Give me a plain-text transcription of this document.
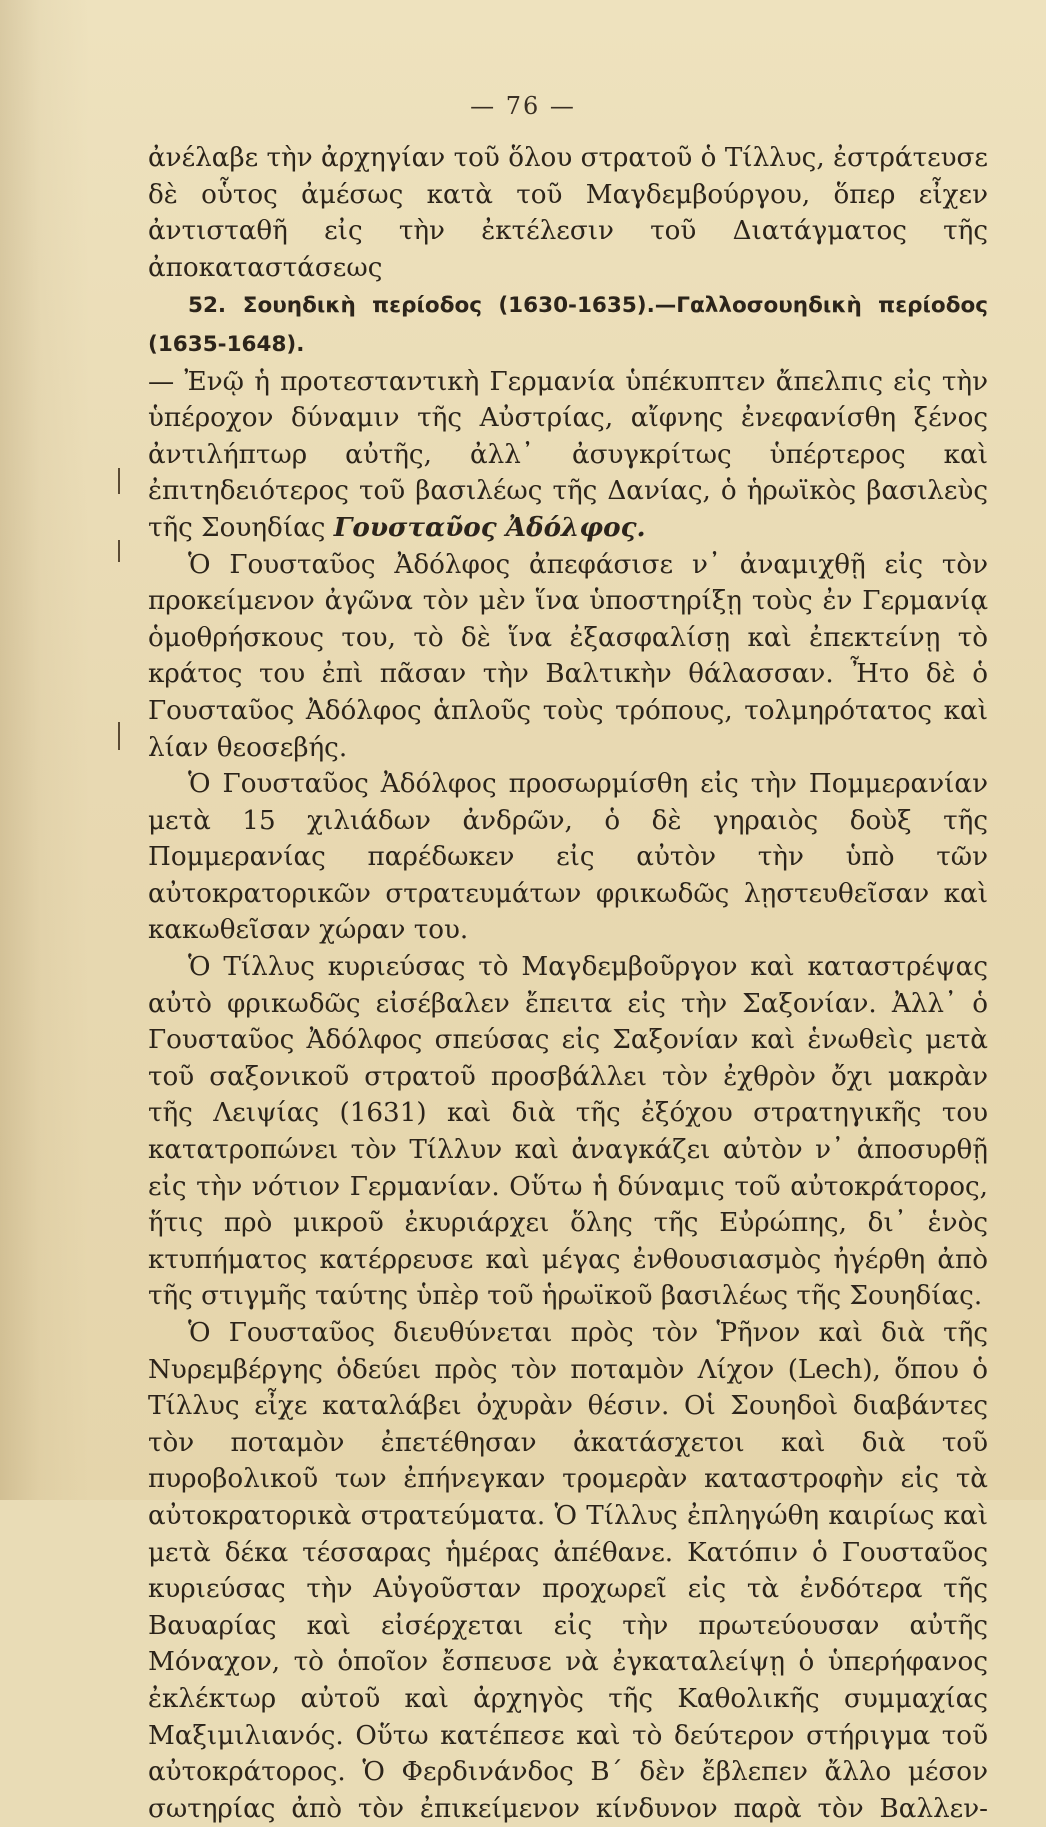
— 76 —

ἀνέλαβε τὴν ἀρχηγίαν τοῦ ὅλου στρατοῦ ὁ Τίλλυς, ἐστράτευσε δὲ οὗτος ἀμέσως κατὰ τοῦ Μαγδεμβούργου, ὅπερ εἶχεν ἀντισταθῆ εἰς τὴν ἐκτέλεσιν τοῦ Διατάγματος τῆς ἀποκαταστάσεως

52. Σουηδικὴ περίοδος (1630-1635).—Γαλλοσουηδικὴ περίοδος (1635-1648).

— Ἐνῷ ἡ προτεσταντικὴ Γερμανία ὑπέκυπτεν ἄπελπις εἰς τὴν ὑπέροχον δύναμιν τῆς Αὐστρίας, αἴφνης ἐνεφανίσθη ξένος ἀντιλήπτωρ αὐτῆς, ἀλλ᾿ ἀσυγκρίτως ὑπέρτερος καὶ ἐπιτηδειότερος τοῦ βασιλέως τῆς Δανίας, ὁ ἡρωϊκὸς βασιλεὺς τῆς Σουηδίας Γουσταῦος Ἀδόλφος.

Ὁ Γουσταῦος Ἀδόλφος ἀπεφάσισε ν᾿ ἀναμιχθῇ εἰς τὸν προκείμενον ἀγῶνα τὸν μὲν ἵνα ὑποστηρίξῃ τοὺς ἐν Γερμανίᾳ ὁμοθρήσκους του, τὸ δὲ ἵνα ἐξασφαλίσῃ καὶ ἐπεκτείνῃ τὸ κράτος του ἐπὶ πᾶσαν τὴν Βαλτικὴν θάλασσαν. Ἦτο δὲ ὁ Γουσταῦος Ἀδόλφος ἁπλοῦς τοὺς τρόπους, τολμηρότατος καὶ λίαν θεοσεβής.

Ὁ Γουσταῦος Ἀδόλφος προσωρμίσθη εἰς τὴν Πομμερανίαν μετὰ 15 χιλιάδων ἀνδρῶν, ὁ δὲ γηραιὸς δοὺξ τῆς Πομμερανίας παρέδωκεν εἰς αὐτὸν τὴν ὑπὸ τῶν αὐτοκρατορικῶν στρατευμάτων φρικωδῶς λῃστευθεῖσαν καὶ κακωθεῖσαν χώραν του.

Ὁ Τίλλυς κυριεύσας τὸ Μαγδεμβοῦργον καὶ καταστρέψας αὐτὸ φρικωδῶς εἰσέβαλεν ἔπειτα εἰς τὴν Σαξονίαν. Ἀλλ᾿ ὁ Γουσταῦος Ἀδόλφος σπεύσας εἰς Σαξονίαν καὶ ἑνωθεὶς μετὰ τοῦ σαξονικοῦ στρατοῦ προσβάλλει τὸν ἐχθρὸν ὄχι μακρὰν τῆς Λειψίας (1631) καὶ διὰ τῆς ἐξόχου στρατηγικῆς του κατατροπώνει τὸν Τίλλυν καὶ ἀναγκάζει αὐτὸν ν᾿ ἀποσυρθῇ εἰς τὴν νότιον Γερμανίαν. Οὕτω ἡ δύναμις τοῦ αὐτοκράτορος, ἥτις πρὸ μικροῦ ἐκυριάρχει ὅλης τῆς Εὐρώπης, δι᾿ ἑνὸς κτυπήματος κατέρρευσε καὶ μέγας ἐνθουσιασμὸς ἠγέρθη ἀπὸ τῆς στιγμῆς ταύτης ὑπὲρ τοῦ ἡρωϊκοῦ βασιλέως τῆς Σουηδίας.

Ὁ Γουσταῦος διευθύνεται πρὸς τὸν Ῥῆνον καὶ διὰ τῆς Νυρεμβέργης ὁδεύει πρὸς τὸν ποταμὸν Λίχον (Lech), ὅπου ὁ Τίλλυς εἶχε καταλάβει ὀχυρὰν θέσιν. Οἱ Σουηδοὶ διαβάντες τὸν ποταμὸν ἐπετέθησαν ἀκατάσχετοι καὶ διὰ τοῦ πυροβολικοῦ των ἐπήνεγκαν τρομερὰν καταστροφὴν εἰς τὰ αὐτοκρατορικὰ στρατεύματα. Ὁ Τίλλυς ἐπληγώθη καιρίως καὶ μετὰ δέκα τέσσαρας ἡμέρας ἀπέθανε. Κατόπιν ὁ Γουσταῦος κυριεύσας τὴν Αὐγοῦσταν προχωρεῖ εἰς τὰ ἐνδότερα τῆς Βαυαρίας καὶ εἰσέρχεται εἰς τὴν πρωτεύουσαν αὐτῆς Μόναχον, τὸ ὁποῖον ἔσπευσε νὰ ἐγκαταλείψῃ ὁ ὑπερήφανος ἐκλέκτωρ αὐτοῦ καὶ ἀρχηγὸς τῆς Καθολικῆς συμμαχίας Μαξιμιλιανός. Οὕτω κατέπεσε καὶ τὸ δεύτερον στήριγμα τοῦ αὐτοκράτορος. Ὁ Φερδινάνδος Β´ δὲν ἔβλεπεν ἄλλο μέσον σωτηρίας ἀπὸ τὸν ἐπικείμενον κίνδυνον παρὰ τὸν Βαλλεν-
